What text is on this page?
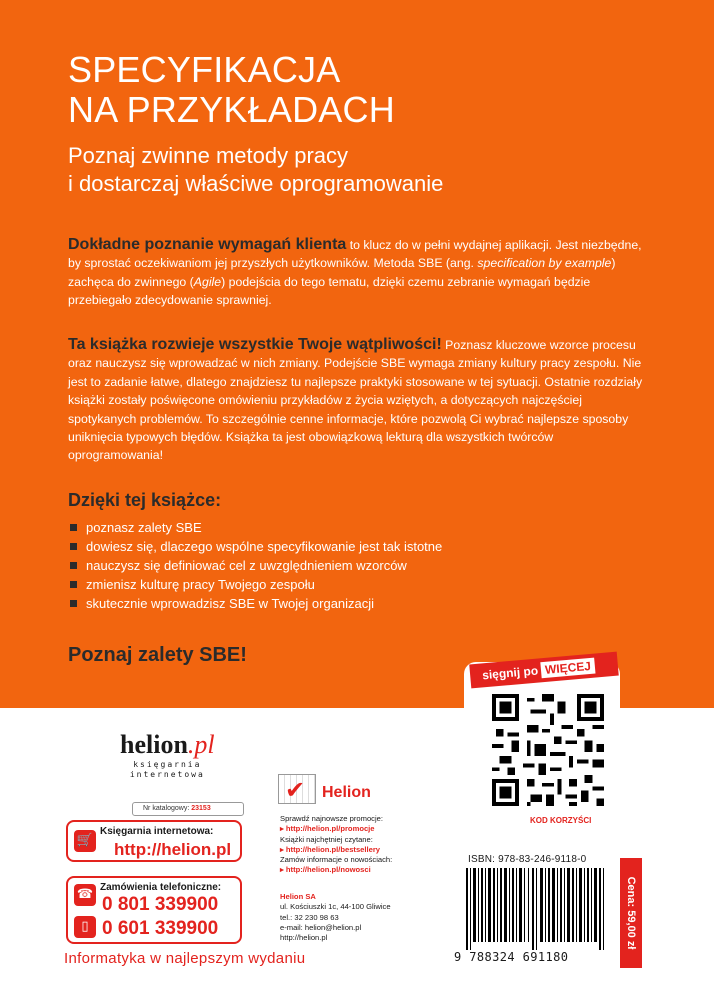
SPECYFIKACJA
NA PRZYKŁADACH
Poznaj zwinne metody pracy
i dostarczaj właściwe oprogramowanie

Dokładne poznanie wymagań klienta to klucz do w pełni wydajnej aplikacji. Jest niezbędne, by sprostać oczekiwaniom jej przyszłych użytkowników. Metoda SBE (ang. specification by example) zachęca do zwinnego (Agile) podejścia do tego tematu, dzięki czemu zebranie wymagań będzie przebiegało zdecydowanie sprawniej.

Ta książka rozwieje wszystkie Twoje wątpliwości! Poznasz kluczowe wzorce procesu oraz nauczysz się wprowadzać w nich zmiany. Podejście SBE wymaga zmiany kultury pracy zespołu. Nie jest to zadanie łatwe, dlatego znajdziesz tu najlepsze praktyki stosowane w tej sytuacji. Ostatnie rozdziały książki zostały poświęcone omówieniu przykładów z życia wziętych, a dotyczących najczęściej spotykanych problemów. To szczególnie cenne informacje, które pozwolą Ci wybrać najlepsze sposoby uniknięcia typowych błędów. Książka ta jest obowiązkową lekturą dla wszystkich twórców oprogramowania!

Dzięki tej książce:
poznasz zalety SBE
dowiesz się, dlaczego wspólne specyfikowanie jest tak istotne
nauczysz się definiować cel z uwzględnieniem wzorców
zmienisz kulturę pracy Twojego zespołu
skutecznie wprowadzisz SBE w Twojej organizacji
Poznaj zalety SBE!
sięgnij po WIĘCEJ
KOD KORZYŚCI
helion.pl
księgarnia
internetowa
Nr katalogowy: 23153
🛒
Księgarnia internetowa:
http://helion.pl
☎
▯
Zamówienia telefoniczne:
0 801 339900
0 601 339900
Informatyka w najlepszym wydaniu
✔ Helion
Sprawdź najnowsze promocje:
▸ http://helion.pl/promocje
Książki najchętniej czytane:
▸ http://helion.pl/bestsellery
Zamów informacje o nowościach:
▸ http://helion.pl/nowosci
Helion SA
ul. Kościuszki 1c, 44-100 Gliwice
tel.: 32 230 98 63
e-mail: helion@helion.pl
http://helion.pl
ISBN: 978-83-246-9118-0
9 788324 691180
Cena: 59,00 zł
